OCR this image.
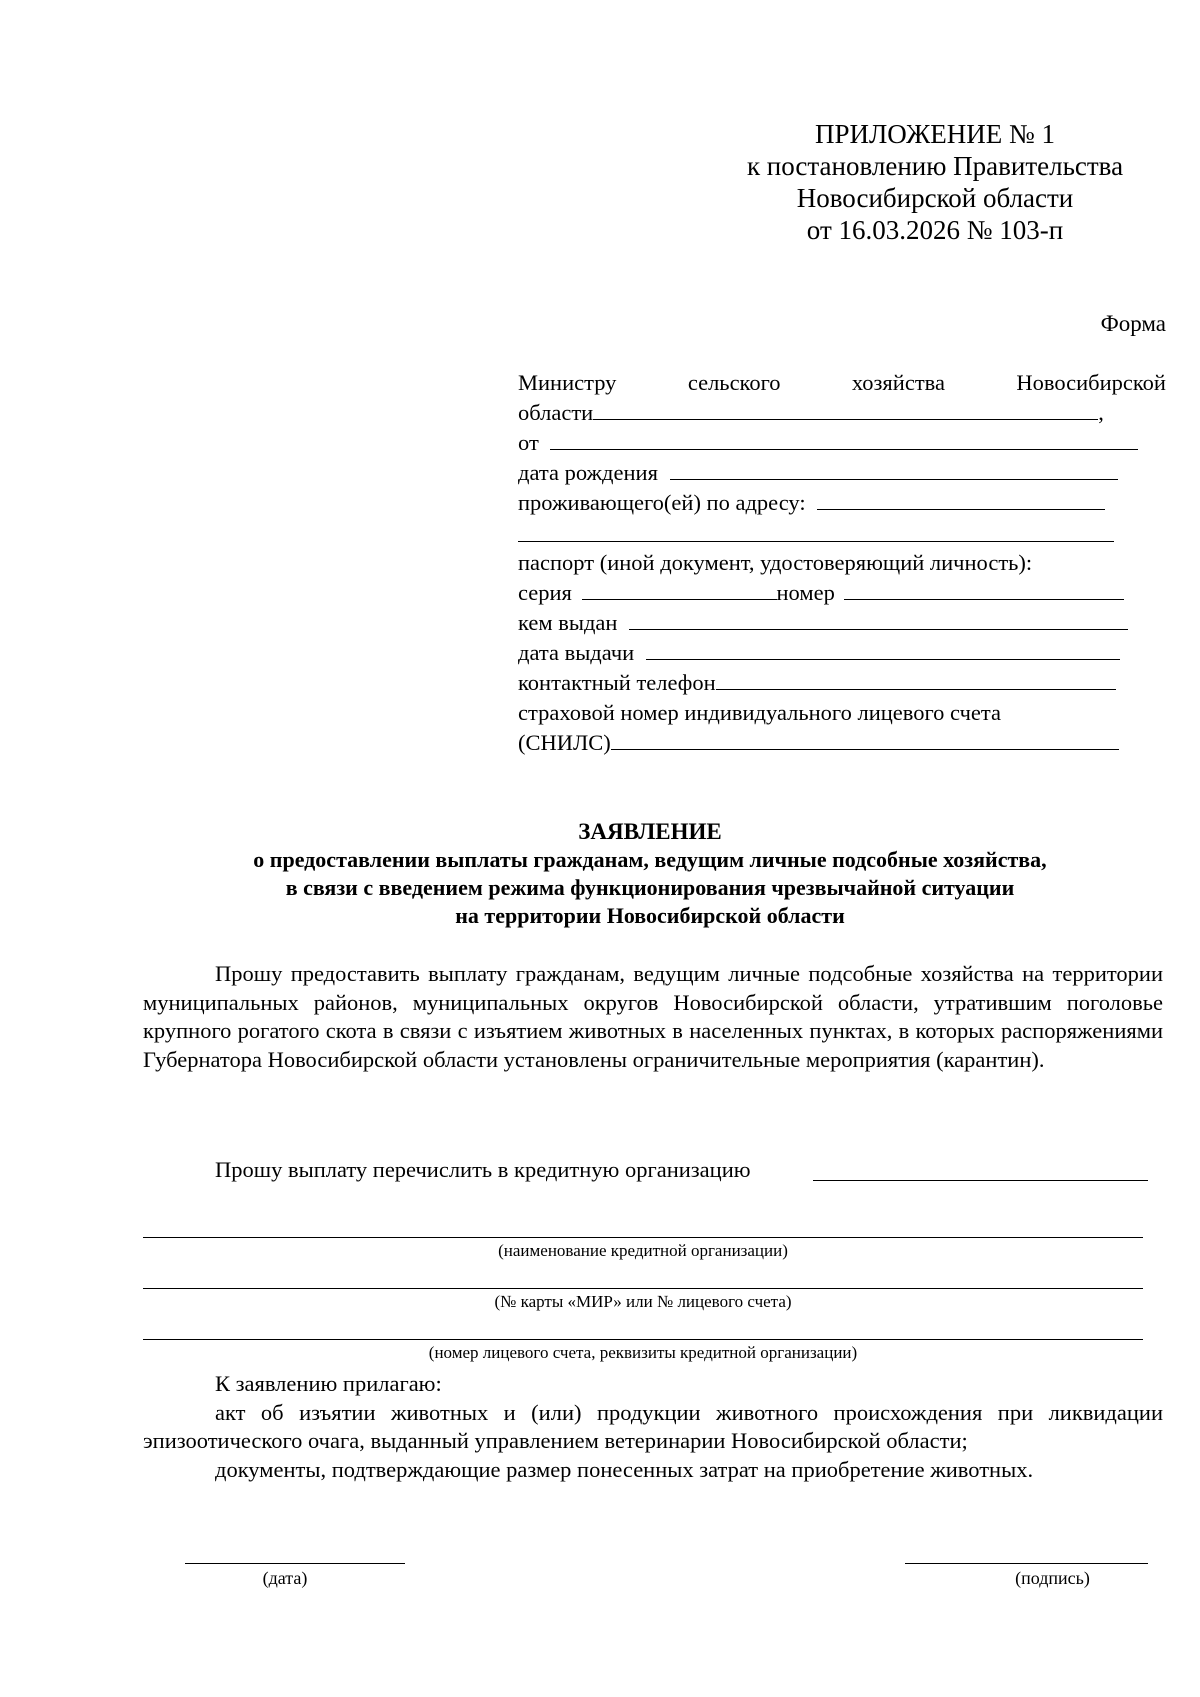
ПРИЛОЖЕНИЕ № 1
к постановлению Правительства
Новосибирской области
от 16.03.2026 № 103-п
Форма
Министру	сельского	хозяйства	Новосибирской
области	,
от
дата рождения
проживающего(ей) по адресу:
паспорт (иной документ, удостоверяющий личность):
серия	номер
кем выдан
дата выдачи
контактный телефон
страховой номер индивидуального лицевого счета
(СНИЛС)
ЗАЯВЛЕНИЕ
о предоставлении выплаты гражданам, ведущим личные подсобные хозяйства,
в связи с введением режима функционирования чрезвычайной ситуации
на территории Новосибирской области

Прошу предоставить выплату гражданам, ведущим личные подсобные хозяйства на территории муниципальных районов, муниципальных округов Новосибирской области, утратившим поголовье крупного рогатого скота в связи с изъятием животных в населенных пунктах, в которых распоряжениями Губернатора Новосибирской области установлены ограничительные мероприятия (карантин).

Прошу выплату перечислить в кредитную организацию
(наименование кредитной организации)
(№ карты «МИР» или № лицевого счета)
(номер лицевого счета, реквизиты кредитной организации)

К заявлению прилагаю:

акт об изъятии животных и (или) продукции животного происхождения при ликвидации эпизоотического очага, выданный управлением ветеринарии Новосибирской области;

документы, подтверждающие размер понесенных затрат на приобретение животных.

(дата)	(подпись)
